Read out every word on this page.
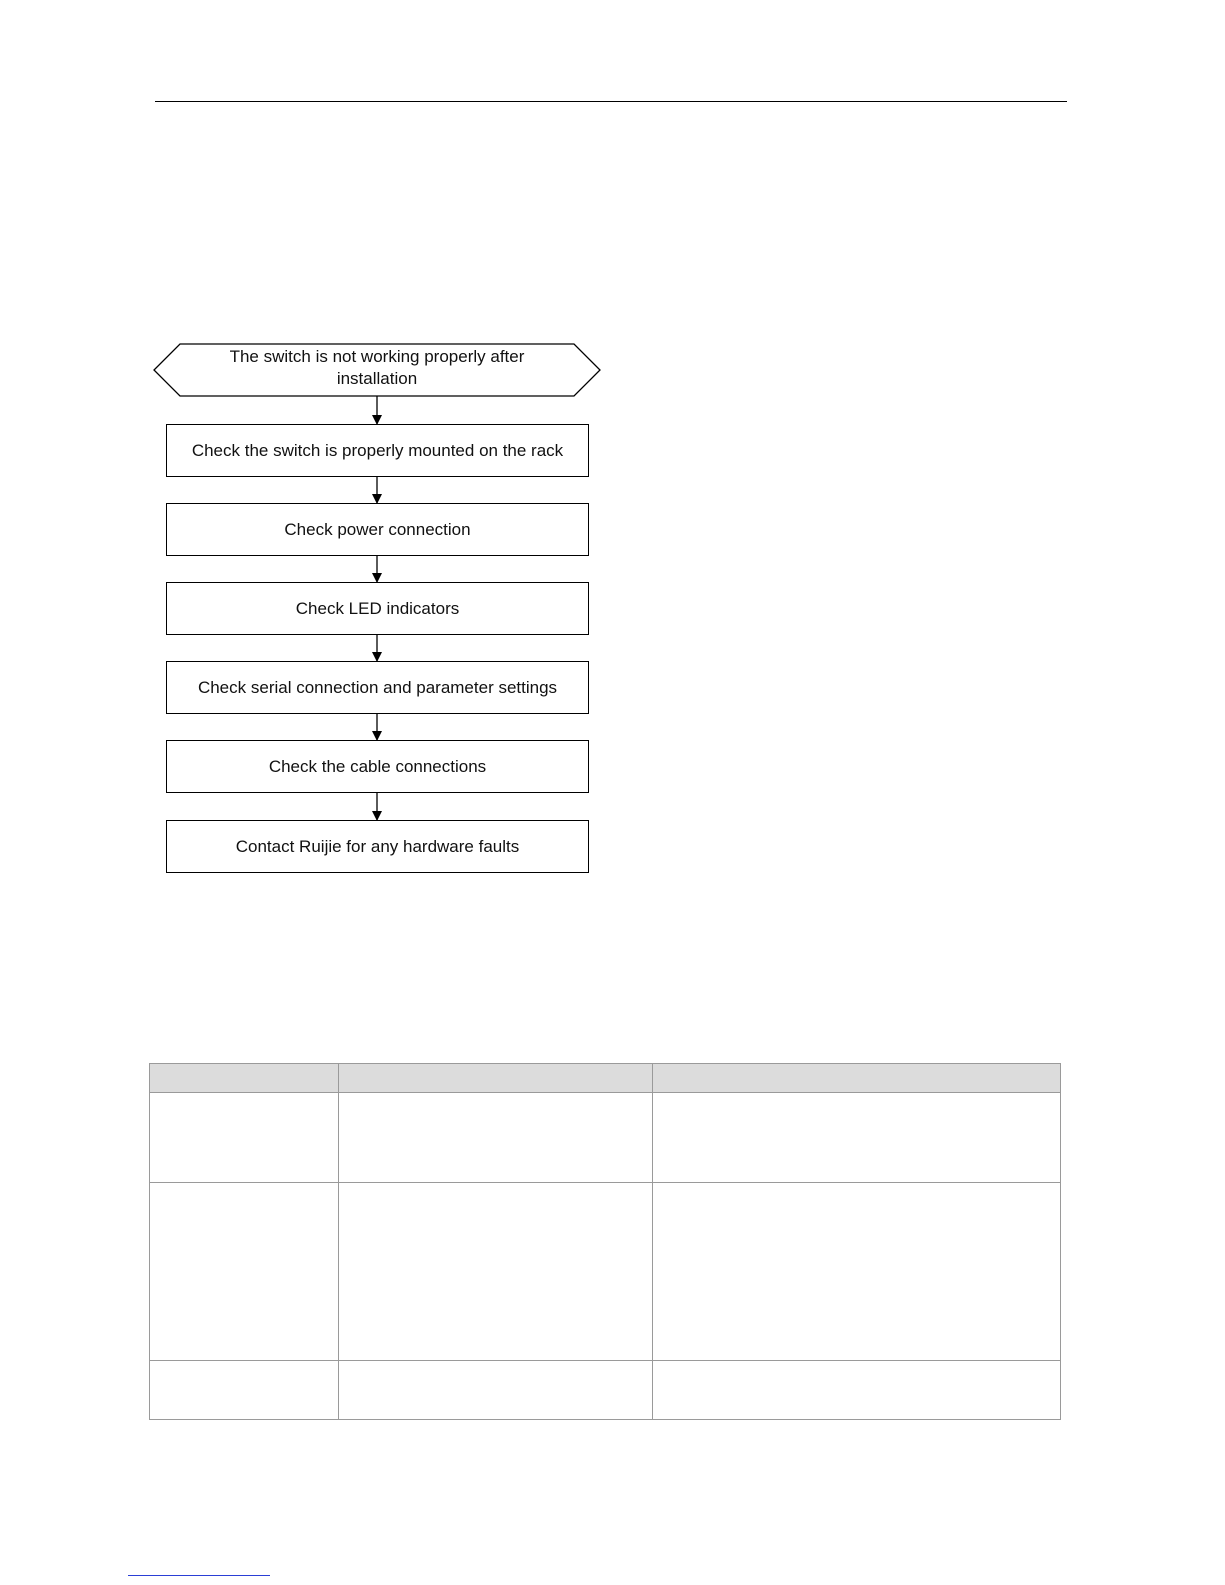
The switch is not working properly after installation
Check the switch is properly mounted on the rack
Check power connection
Check LED indicators
Check serial connection and parameter settings
Check the cable connections
Contact Ruijie for any hardware faults
